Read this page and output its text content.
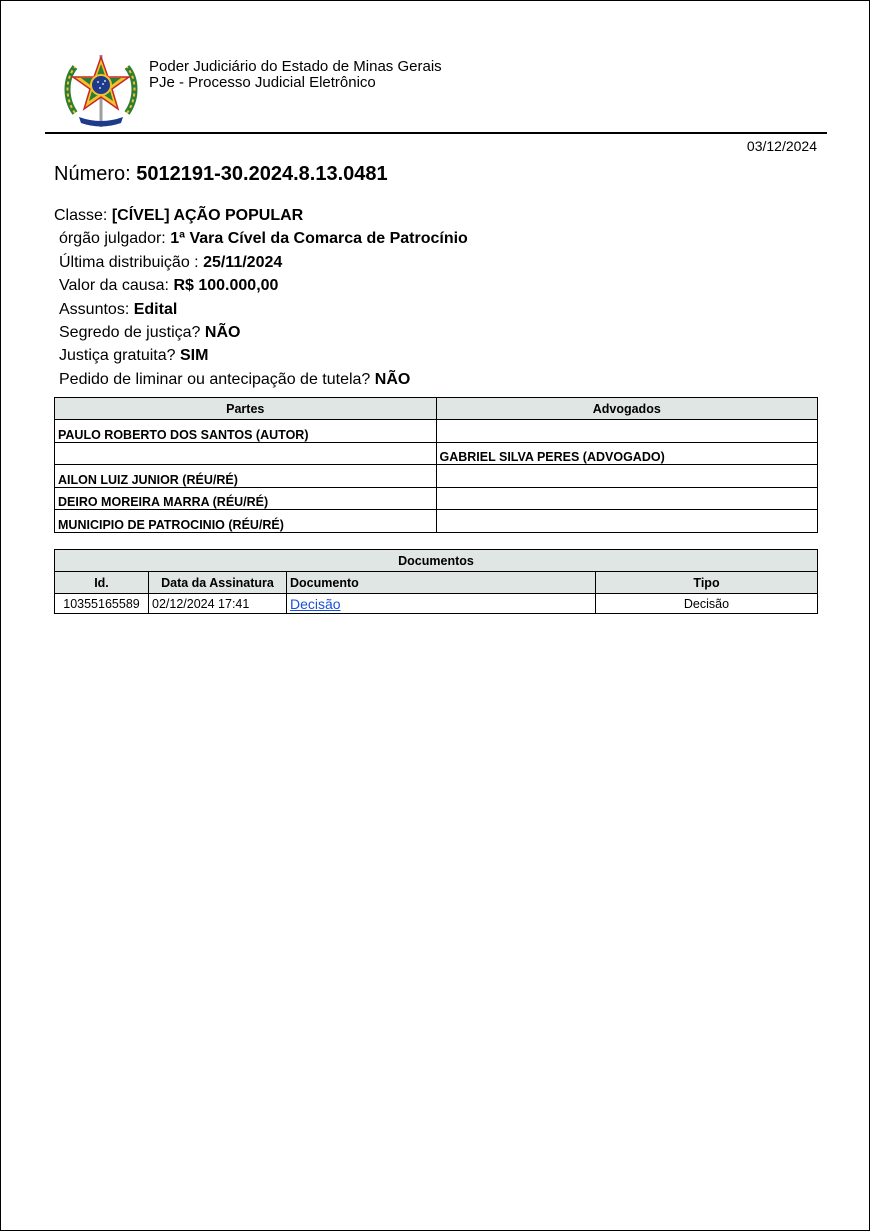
Poder Judiciário do Estado de Minas Gerais
PJe - Processo Judicial Eletrônico
03/12/2024
Número: 5012191-30.2024.8.13.0481
Classe: [CÍVEL] AÇÃO POPULAR
órgão julgador: 1ª Vara Cível da Comarca de Patrocínio
Última distribuição : 25/11/2024
Valor da causa: R$ 100.000,00
Assuntos: Edital
Segredo de justiça? NÃO
Justiça gratuita? SIM
Pedido de liminar ou antecipação de tutela? NÃO
Partes	Advogados
PAULO ROBERTO DOS SANTOS (AUTOR)	
	GABRIEL SILVA PERES (ADVOGADO)
AILON LUIZ JUNIOR (RÉU/RÉ)	
DEIRO MOREIRA MARRA (RÉU/RÉ)	
MUNICIPIO DE PATROCINIO (RÉU/RÉ)	
Documentos			
Id.	Data da Assinatura	Documento	Tipo
10355165589	02/12/2024 17:41	Decisão	Decisão
